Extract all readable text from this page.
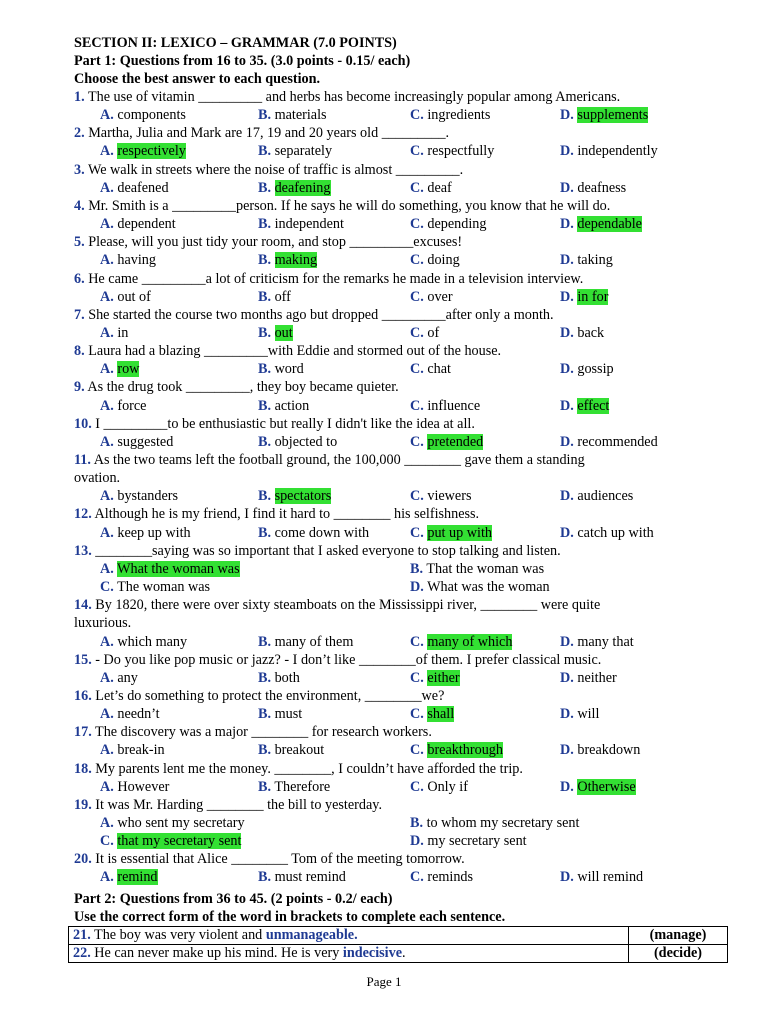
SECTION II: LEXICO – GRAMMAR (7.0 POINTS)
Part 1: Questions from 16 to 35. (3.0 points - 0.15/ each)
Choose the best answer to each question.
1. The use of vitamin _________ and herbs has become increasingly popular among Americans.
A. components	B. materials	C. ingredients	D. supplements
2. Martha, Julia and Mark are 17, 19 and 20 years old _________.
A. respectively	B. separately	C. respectfully	D. independently
3. We walk in streets where the noise of traffic is almost _________.
A. deafened	B. deafening	C. deaf	D. deafness
4. Mr. Smith is a _________person. If he says he will do something, you know that he will do.
A. dependent	B. independent	C. depending	D. dependable
5. Please, will you just tidy your room, and stop _________excuses!
A. having	B. making	C. doing	D. taking
6. He came _________a lot of criticism for the remarks he made in a television interview.
A. out of	B. off	C. over	D. in for
7. She started the course two months ago but dropped _________after only a month.
A. in	B. out	C. of	D. back
8. Laura had a blazing _________with Eddie and stormed out of the house.
A. row	B. word	C. chat	D. gossip
9. As the drug took _________, they boy became quieter.
A. force	B. action	C. influence	D. effect
10. I _________to be enthusiastic but really I didn't like the idea at all.
A. suggested	B. objected to	C. pretended	D. recommended
11. As the two teams left the football ground, the 100,000 ________ gave them a standing
ovation.
A. bystanders	B. spectators	C. viewers	D. audiences
12. Although he is my friend, I find it hard to ________ his selfishness.
A. keep up with	B. come down with	C. put up with	D. catch up with
13. ________saying was so important that I asked everyone to stop talking and listen.
A. What the woman was	B. That the woman was
C. The woman was	D. What was the woman
14. By 1820, there were over sixty steamboats on the Mississippi river, ________ were quite
luxurious.
A. which many	B. many of them	C. many of which	D. many that
15. - Do you like pop music or jazz? - I don’t like ________of them. I prefer classical music.
A. any	B. both	C. either	D. neither
16. Let’s do something to protect the environment, ________we?
A. needn’t	B. must	C. shall	D. will
17. The discovery was a major ________ for research workers.
A. break-in	B. breakout	C. breakthrough	D. breakdown
18. My parents lent me the money. ________, I couldn’t have afforded the trip.
A. However	B. Therefore	C. Only if	D. Otherwise
19. It was Mr. Harding ________ the bill to yesterday.
A. who sent my secretary	B. to whom my secretary sent
C. that my secretary sent	D. my secretary sent
20. It is essential that Alice ________ Tom of the meeting tomorrow.
A. remind	B. must remind	C. reminds	D. will remind
Part 2: Questions from 36 to 45. (2 points - 0.2/ each)
Use the correct form of the word in brackets to complete each sentence.
21. The boy was very violent and unmanageable.	(manage)
22. He can never make up his mind. He is very indecisive.	(decide)
Page 1
